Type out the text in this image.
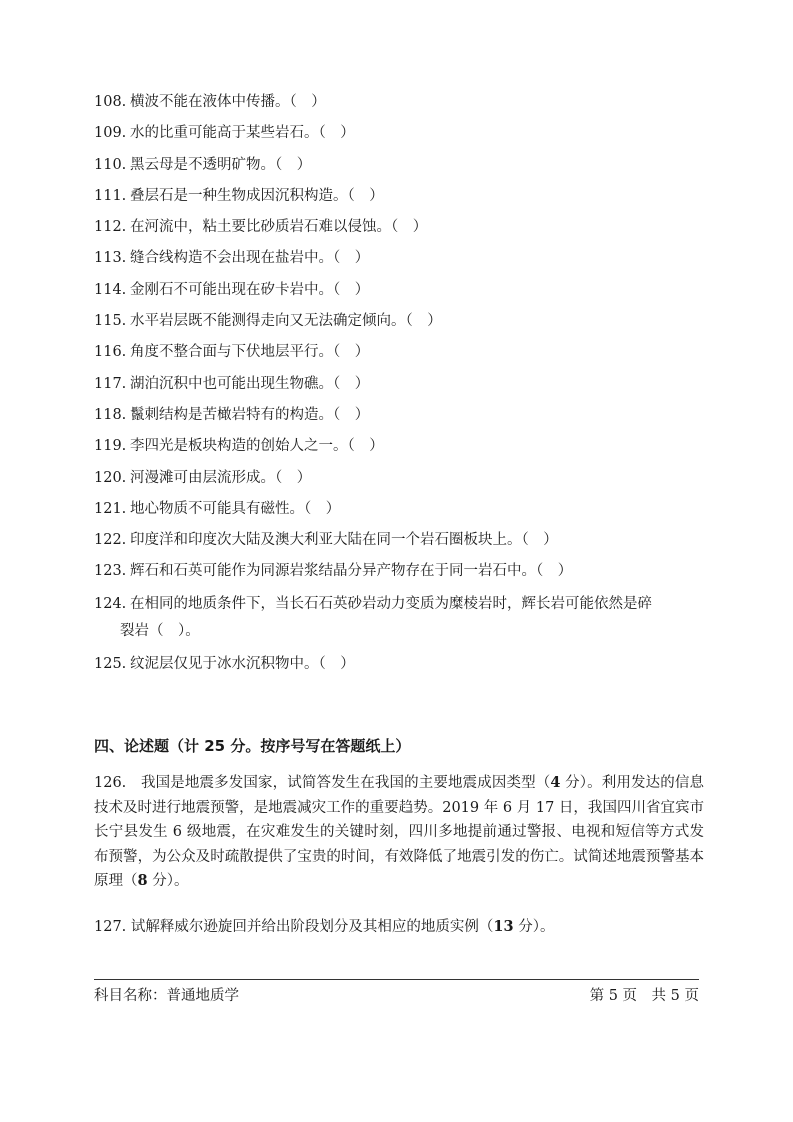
108. 横波不能在液体中传播。（　）
109. 水的比重可能高于某些岩石。（　）
110. 黑云母是不透明矿物。（　）
111. 叠层石是一种生物成因沉积构造。（　）
112. 在河流中，粘土要比砂质岩石难以侵蚀。（　）
113. 缝合线构造不会出现在盐岩中。（　）
114. 金刚石不可能出现在矽卡岩中。（　）
115. 水平岩层既不能测得走向又无法确定倾向。（　）
116. 角度不整合面与下伏地层平行。（　）
117. 湖泊沉积中也可能出现生物礁。（　）
118. 鬣刺结构是苦橄岩特有的构造。（　）
119. 李四光是板块构造的创始人之一。（　）
120. 河漫滩可由层流形成。（　）
121. 地心物质不可能具有磁性。（　）
122. 印度洋和印度次大陆及澳大利亚大陆在同一个岩石圈板块上。（　）
123. 辉石和石英可能作为同源岩浆结晶分异产物存在于同一岩石中。（　）
124. 在相同的地质条件下，当长石石英砂岩动力变质为糜棱岩时，辉长岩可能依然是碎
裂岩（　）。
125. 纹泥层仅见于冰水沉积物中。（　）
四、论述题（计 25 分。按序号写在答题纸上）

126.　我国是地震多发国家，试简答发生在我国的主要地震成因类型（4 分）。利用发达的信息技术及时进行地震预警，是地震减灾工作的重要趋势。2019 年 6 月 17 日，我国四川省宜宾市长宁县发生 6 级地震，在灾难发生的关键时刻，四川多地提前通过警报、电视和短信等方式发布预警，为公众及时疏散提供了宝贵的时间，有效降低了地震引发的伤亡。试简述地震预警基本原理（8 分）。

127. 试解释威尔逊旋回并给出阶段划分及其相应的地质实例（13 分）。

科目名称：普通地质学	第 5 页　共 5 页
